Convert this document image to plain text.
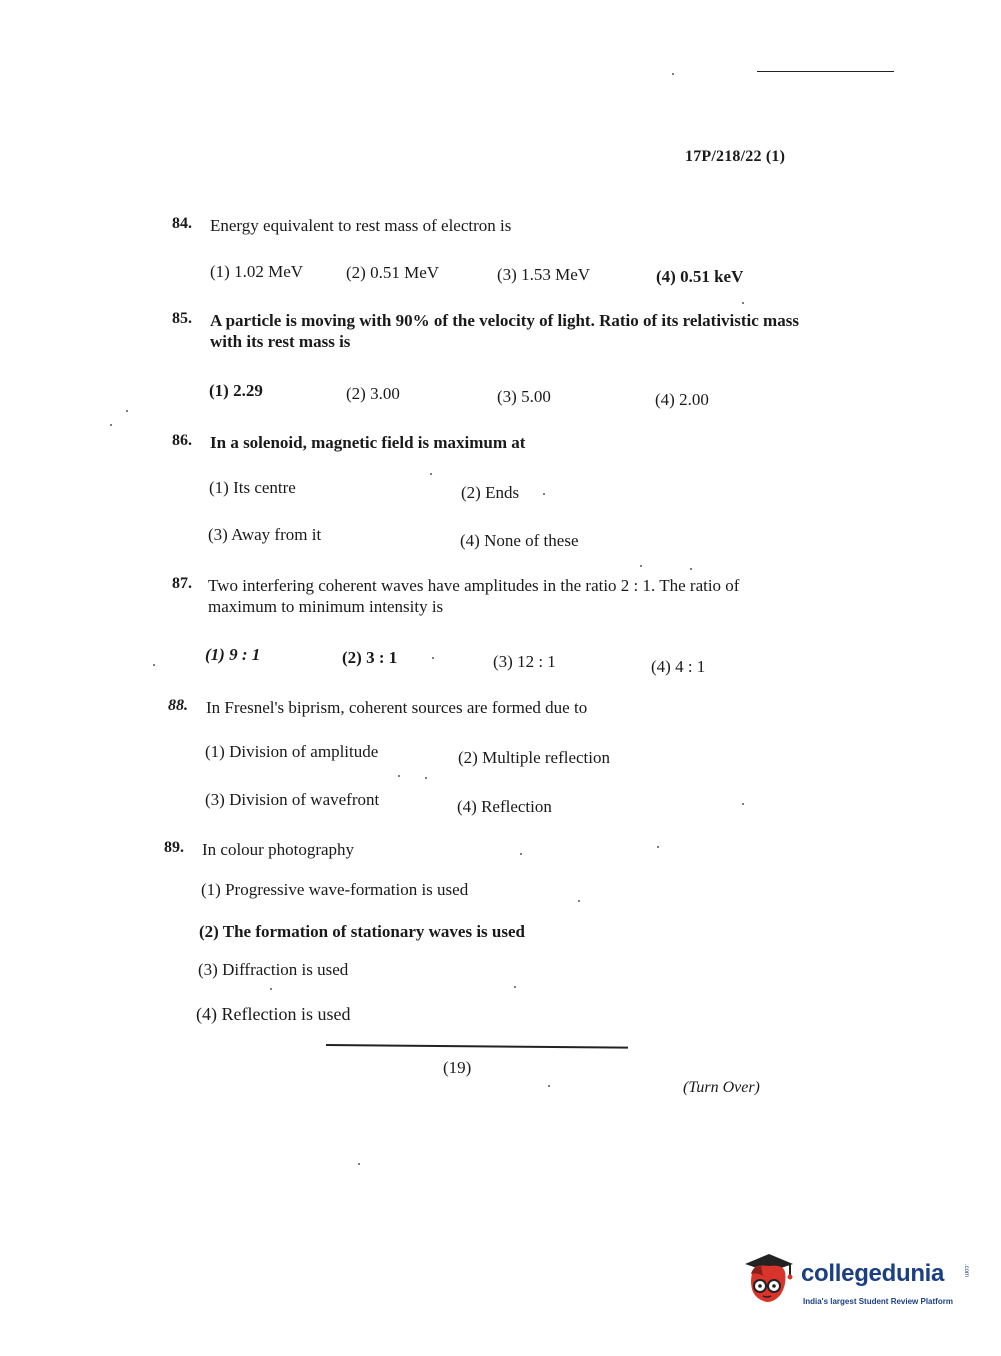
17P/218/22 (1)
84. Energy equivalent to rest mass of electron is
(1) 1.02 MeV	(2) 0.51 MeV	(3) 1.53 MeV	(4) 0.51 keV
85. A particle is moving with 90% of the velocity of light. Ratio of its relativistic mass with its rest mass is
(1) 2.29	(2) 3.00	(3) 5.00	(4) 2.00
86. In a solenoid, magnetic field is maximum at
(1) Its centre	(2) Ends
(3) Away from it	(4) None of these
87. Two interfering coherent waves have amplitudes in the ratio 2 : 1. The ratio of maximum to minimum intensity is
(1) 9 : 1	(2) 3 : 1	(3) 12 : 1	(4) 4 : 1
88. In Fresnel's biprism, coherent sources are formed due to
(1) Division of amplitude	(2) Multiple reflection
(3) Division of wavefront	(4) Reflection
89. In colour photography
(1) Progressive wave-formation is used
(2) The formation of stationary waves is used
(3) Diffraction is used
(4) Reflection is used
(19)
(Turn Over)
collegedunia	.com
India's largest Student Review Platform
